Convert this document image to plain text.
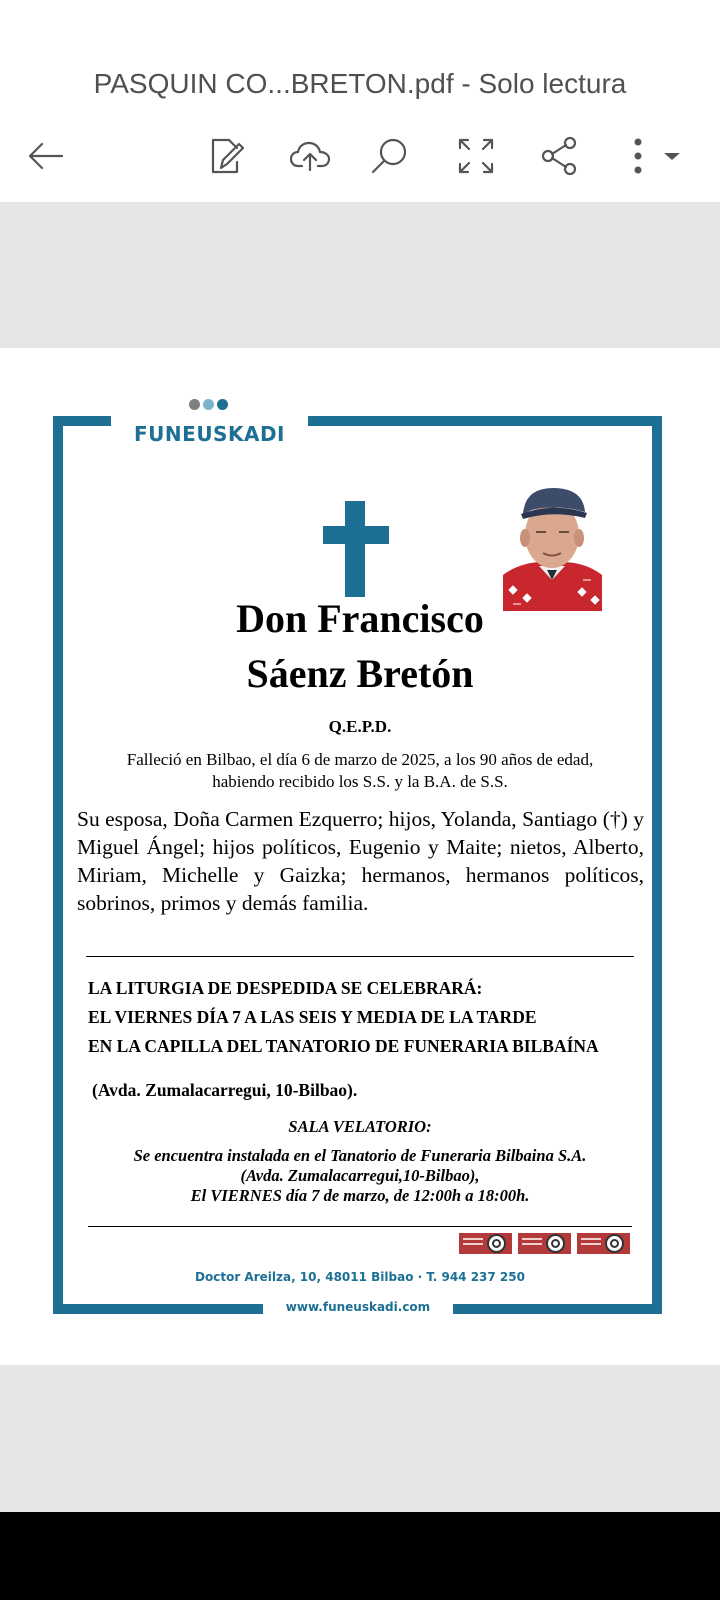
PASQUIN CO...BRETON.pdf - Solo lectura
FUNEUSKADI
Don Francisco
Sáenz Bretón
Q.E.P.D.
Falleció en Bilbao, el día 6 de marzo de 2025, a los 90 años de edad,
habiendo recibido los S.S. y la B.A. de S.S.
Su esposa, Doña Carmen Ezquerro; hijos, Yolanda, Santiago (†) y Miguel Ángel; hijos políticos, Eugenio y Maite; nietos, Alberto, Miriam, Michelle y Gaizka; hermanos, hermanos políticos, sobrinos, primos y demás familia.
LA LITURGIA DE DESPEDIDA SE CELEBRARÁ:
EL VIERNES DÍA 7 A LAS SEIS Y MEDIA DE LA TARDE
EN LA CAPILLA DEL TANATORIO DE FUNERARIA BILBAÍNA
(Avda. Zumalacarregui, 10-Bilbao).
SALA VELATORIO:
Se encuentra instalada en el Tanatorio de Funeraria Bilbaina S.A.
(Avda. Zumalacarregui,10-Bilbao),
El VIERNES día 7 de marzo, de 12:00h a 18:00h.
Doctor Areilza, 10, 48011 Bilbao · T. 944 237 250
www.funeuskadi.com
